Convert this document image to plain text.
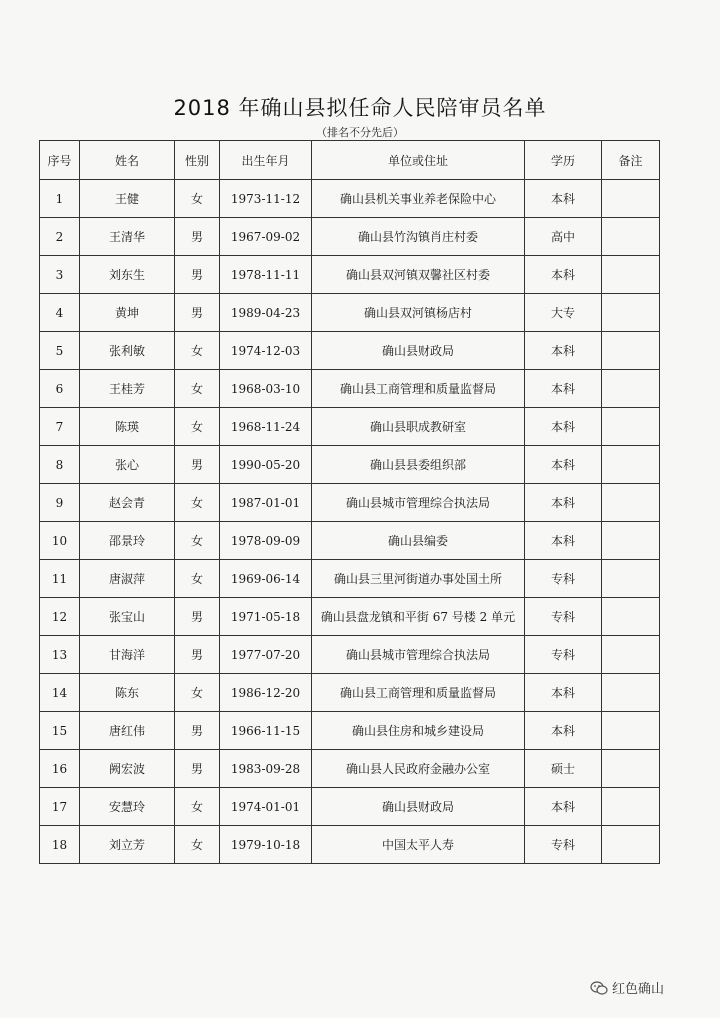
2018 年确山县拟任命人民陪审员名单
（排名不分先后）
序号	姓名	性别	出生年月	单位或住址	学历	备注
1	王健	女	1973-11-12	确山县机关事业养老保险中心	本科	
2	王清华	男	1967-09-02	确山县竹沟镇肖庄村委	高中	
3	刘东生	男	1978-11-11	确山县双河镇双馨社区村委	本科	
4	黄坤	男	1989-04-23	确山县双河镇杨店村	大专	
5	张利敏	女	1974-12-03	确山县财政局	本科	
6	王桂芳	女	1968-03-10	确山县工商管理和质量监督局	本科	
7	陈瑛	女	1968-11-24	确山县职成教研室	本科	
8	张心	男	1990-05-20	确山县县委组织部	本科	
9	赵会青	女	1987-01-01	确山县城市管理综合执法局	本科	
10	邵景玲	女	1978-09-09	确山县编委	本科	
11	唐淑萍	女	1969-06-14	确山县三里河街道办事处国土所	专科	
12	张宝山	男	1971-05-18	确山县盘龙镇和平街 67 号楼 2 单元	专科	
13	甘海洋	男	1977-07-20	确山县城市管理综合执法局	专科	
14	陈东	女	1986-12-20	确山县工商管理和质量监督局	本科	
15	唐红伟	男	1966-11-15	确山县住房和城乡建设局	本科	
16	阙宏波	男	1983-09-28	确山县人民政府金融办公室	硕士	
17	安慧玲	女	1974-01-01	确山县财政局	本科	
18	刘立芳	女	1979-10-18	中国太平人寿	专科	
红色确山
